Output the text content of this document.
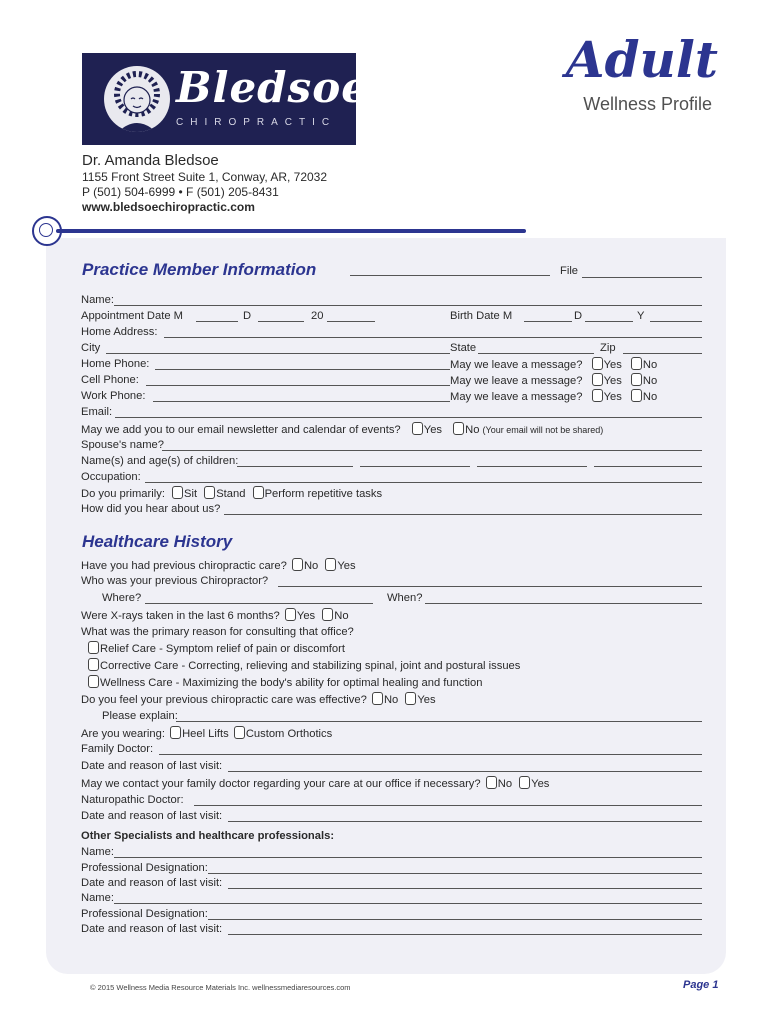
Bledsoe
CHIROPRACTIC
Adult
Wellness Profile
Dr. Amanda Bledsoe
1155 Front Street Suite 1, Conway, AR, 72032
P (501) 504-6999 • F (501) 205-8431
www.bledsoechiropractic.com
Practice Member Information	File
Name:
Appointment Date M	D	20	Birth Date M	D	Y
Home Address:
City	State	Zip
Home Phone:	May we leave a message? Yes No
Cell Phone:	May we leave a message? Yes No
Work Phone:	May we leave a message? Yes No
Email:
May we add you to our email newsletter and calendar of events? Yes No (Your email will not be shared)
Spouse's name?
Name(s) and age(s) of children:
Occupation:
Do you primarily: Sit Stand Perform repetitive tasks
How did you hear about us?
Healthcare History
Have you had previous chiropractic care? No Yes
Who was your previous Chiropractor?
Where?	When?
Were X-rays taken in the last 6 months? Yes No
What was the primary reason for consulting that office?
Relief Care - Symptom relief of pain or discomfort
Corrective Care - Correcting, relieving and stabilizing spinal, joint and postural issues
Wellness Care - Maximizing the body's ability for optimal healing and function
Do you feel your previous chiropractic care was effective? No Yes
Please explain:
Are you wearing: Heel Lifts Custom Orthotics
Family Doctor:
Date and reason of last visit:
May we contact your family doctor regarding your care at our office if necessary? No Yes
Naturopathic Doctor:
Date and reason of last visit:
Other Specialists and healthcare professionals:
Name:
Professional Designation:
Date and reason of last visit:
Name:
Professional Designation:
Date and reason of last visit:
© 2015 Wellness Media Resource Materials Inc. wellnessmediaresources.com	Page 1
